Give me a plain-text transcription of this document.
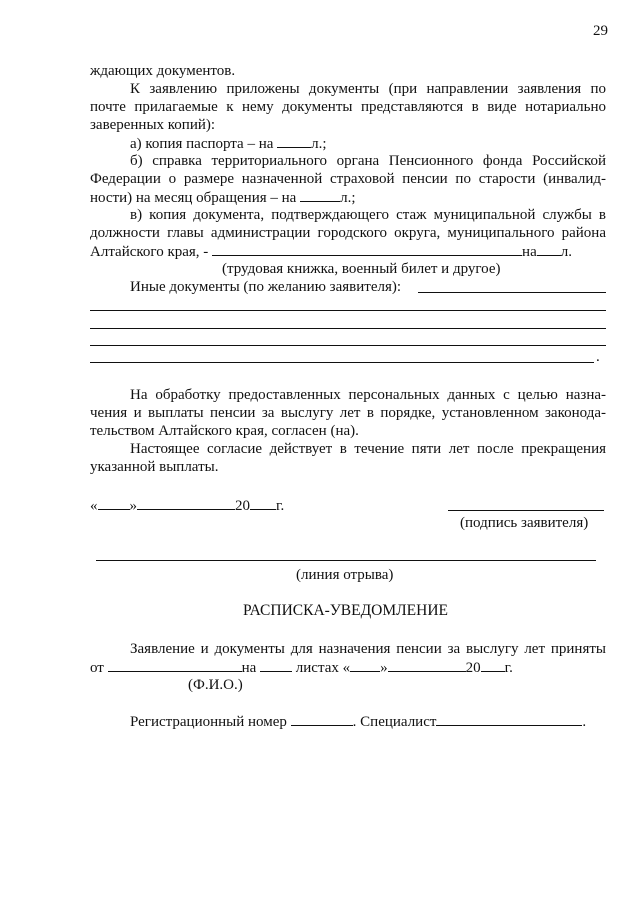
29
ждающих документов.
К заявлению приложены документы (при направлении заявления по
почте прилагаемые к нему документы представляются в виде нотариально
заверенных копий):
а) копия паспорта – на	л.;
б) справка территориального органа Пенсионного фонда Российской
Федерации о размере назначенной страховой пенсии по старости (инвалид-
ности) на месяц обращения – на	л.;
в) копия документа, подтверждающего стаж муниципальной службы в
должности главы администрации городского округа, муниципального района
Алтайского края, -	на л.
(трудовая книжка, военный билет и другое)
Иные документы (по желанию заявителя):
.
На обработку предоставленных персональных данных с целью назна-
чения и выплаты пенсии за выслугу лет в порядке, установленном законода-
тельством Алтайского края, согласен (на).
Настоящее согласие действует в течение пяти лет после прекращения
указанной выплаты.
« »	20 г.
(подпись заявителя)
(линия отрыва)
РАСПИСКА-УВЕДОМЛЕНИЕ
Заявление и документы для назначения пенсии за выслугу лет приняты
от	на	листах « »	20 г.
(Ф.И.О.)
Регистрационный номер	. Специалист	.
